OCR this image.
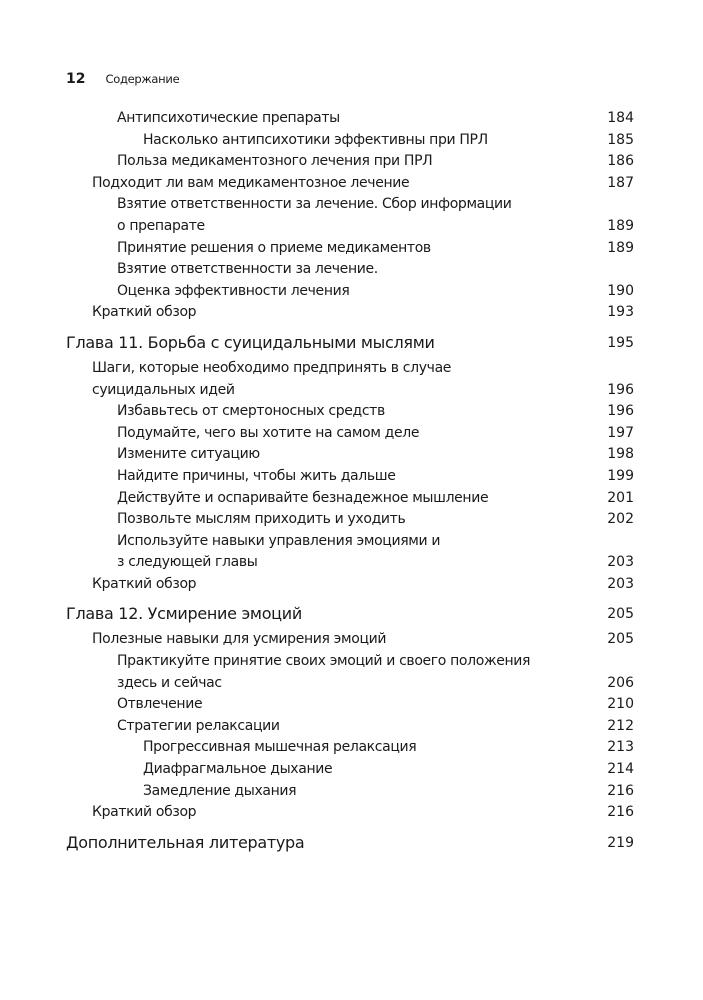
12 Содержание
Антипсихотические препараты	184
Насколько антипсихотики эффективны при ПРЛ	185
Польза медикаментозного лечения при ПРЛ	186
Подходит ли вам медикаментозное лечение	187
Взятие ответственности за лечение. Сбор информации
о препарате	189
Принятие решения о приеме медикаментов	189
Взятие ответственности за лечение.
Оценка эффективности лечения	190
Краткий обзор	193
Глава 11. Борьба с суицидальными мыслями	195
Шаги, которые необходимо предпринять в случае
суицидальных идей	196
Избавьтесь от смертоносных средств	196
Подумайте, чего вы хотите на самом деле	197
Измените ситуацию	198
Найдите причины, чтобы жить дальше	199
Действуйте и оспаривайте безнадежное мышление	201
Позвольте мыслям приходить и уходить	202
Используйте навыки управления эмоциями и
з следующей главы	203
Краткий обзор	203
Глава 12. Усмирение эмоций	205
Полезные навыки для усмирения эмоций	205
Практикуйте принятие своих эмоций и своего положения
здесь и сейчас	206
Отвлечение	210
Стратегии релаксации	212
Прогрессивная мышечная релаксация	213
Диафрагмальное дыхание	214
Замедление дыхания	216
Краткий обзор	216
Дополнительная литература	219
